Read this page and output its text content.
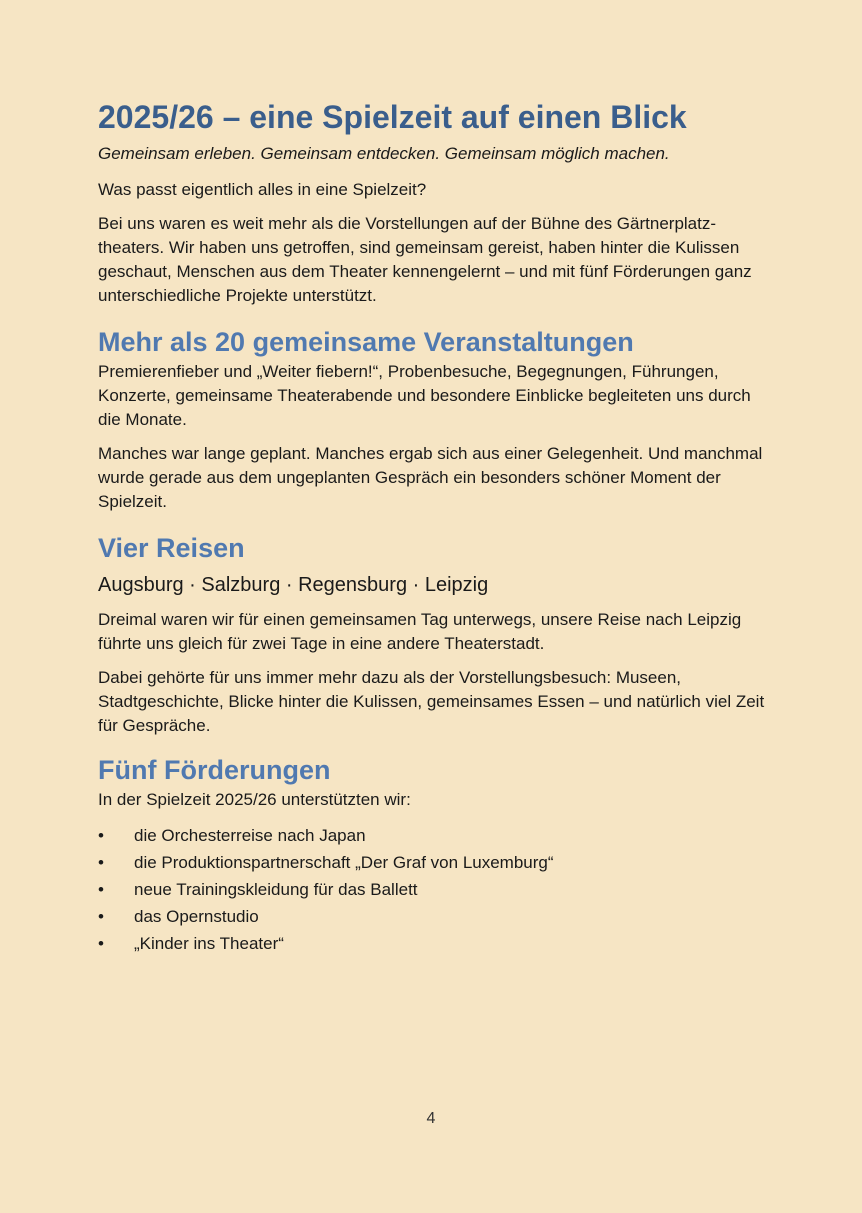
2025/26 – eine Spielzeit auf einen Blick
Gemeinsam erleben. Gemeinsam entdecken. Gemeinsam möglich machen.

Was passt eigentlich alles in eine Spielzeit?

Bei uns waren es weit mehr als die Vorstellungen auf der Bühne des Gärtnerplatztheaters. Wir haben uns getroffen, sind gemeinsam gereist, haben hinter die Kulissen geschaut, Menschen aus dem Theater kennengelernt – und mit fünf Förderungen ganz unterschiedliche Projekte unterstützt.

Mehr als 20 gemeinsame Veranstaltungen

Premierenfieber und „Weiter fiebern!“, Probenbesuche, Begegnungen, Führungen, Konzerte, gemeinsame Theaterabende und besondere Einblicke begleiteten uns durch die Monate.

Manches war lange geplant. Manches ergab sich aus einer Gelegenheit. Und manchmal wurde gerade aus dem ungeplanten Gespräch ein besonders schöner Moment der Spielzeit.

Vier Reisen
Augsburg · Salzburg · Regensburg · Leipzig

Dreimal waren wir für einen gemeinsamen Tag unterwegs, unsere Reise nach Leipzig führte uns gleich für zwei Tage in eine andere Theaterstadt.

Dabei gehörte für uns immer mehr dazu als der Vorstellungsbesuch: Museen, Stadtgeschichte, Blicke hinter die Kulissen, gemeinsames Essen – und natürlich viel Zeit für Gespräche.

Fünf Förderungen

In der Spielzeit 2025/26 unterstützten wir:

• die Orchesterreise nach Japan
• die Produktionspartnerschaft „Der Graf von Luxemburg“
• neue Trainingskleidung für das Ballett
• das Opernstudio
• „Kinder ins Theater“
4
